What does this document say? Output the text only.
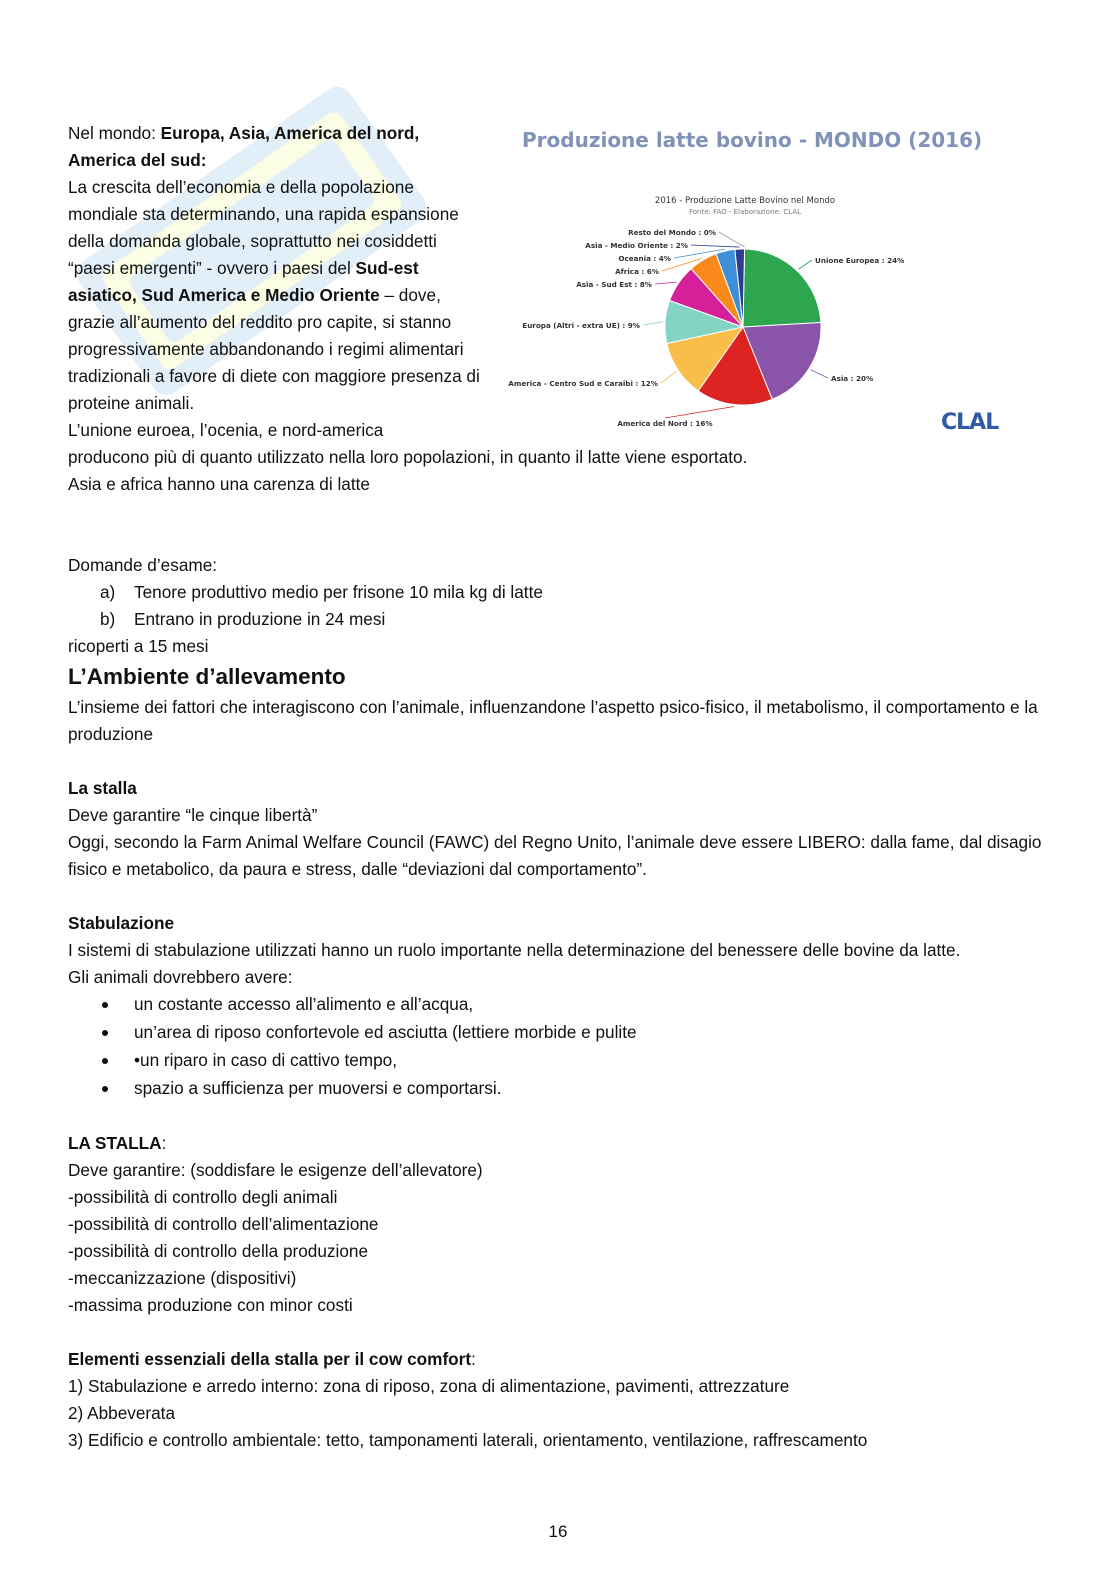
Nel mondo: Europa, Asia, America del nord, America del sud:

La crescita dell’economia e della popolazione mondiale sta determinando, una rapida espansione della domanda globale, soprattutto nei cosiddetti “paesi emergenti” - ovvero i paesi del Sud-est asiatico, Sud America e Medio Oriente – dove, grazie all’aumento del reddito pro capite, si stanno progressivamente abbandonando i regimi alimentari tradizionali a favore di diete con maggiore presenza di proteine animali.

L’unione euroea, l’ocenia, e nord-america

producono più di quanto utilizzato nella loro popolazioni, in quanto il latte viene esportato.

Asia e africa hanno una carenza di latte

Produzione latte bovino - MONDO (2016)

2016 - Produzione Latte Bovino nel Mondo
Fonte: FAO - Elaborazione: CLAL
Unione Europea : 24%
Asia : 20%
America del Nord : 16%
America - Centro Sud e Caraibi : 12%
Europa (Altri - extra UE) : 9%
Asia - Sud Est : 8%
Africa : 6%
Oceania : 4%
Asia - Medio Oriente : 2%
Resto del Mondo : 0%
CLAL

Domande d’esame:

a) Tenore produttivo medio per frisone 10 mila kg di latte
b) Entrano in produzione in 24 mesi

ricoperti a 15 mesi

L’Ambiente d’allevamento

L’insieme dei fattori che interagiscono con l’animale, influenzandone l’aspetto psico-fisico, il metabolismo, il comportamento e la produzione

La stalla

Deve garantire “le cinque libertà”

Oggi, secondo la Farm Animal Welfare Council (FAWC) del Regno Unito, l’animale deve essere LIBERO: dalla fame, dal disagio fisico e metabolico, da paura e stress, dalle “deviazioni dal comportamento”.

Stabulazione

I sistemi di stabulazione utilizzati hanno un ruolo importante nella determinazione del benessere delle bovine da latte.

Gli animali dovrebbero avere:

un costante accesso all’alimento e all’acqua,
un’area di riposo confortevole ed asciutta (lettiere morbide e pulite
•un riparo in caso di cattivo tempo,
spazio a sufficienza per muoversi e comportarsi.

LA STALLA:

Deve garantire: (soddisfare le esigenze dell’allevatore)

-possibilità di controllo degli animali

-possibilità di controllo dell’alimentazione

-possibilità di controllo della produzione

-meccanizzazione (dispositivi)

-massima produzione con minor costi

Elementi essenziali della stalla per il cow comfort:

1) Stabulazione e arredo interno: zona di riposo, zona di alimentazione, pavimenti, attrezzature

2) Abbeverata

3) Edificio e controllo ambientale: tetto, tamponamenti laterali, orientamento, ventilazione, raffrescamento

16
